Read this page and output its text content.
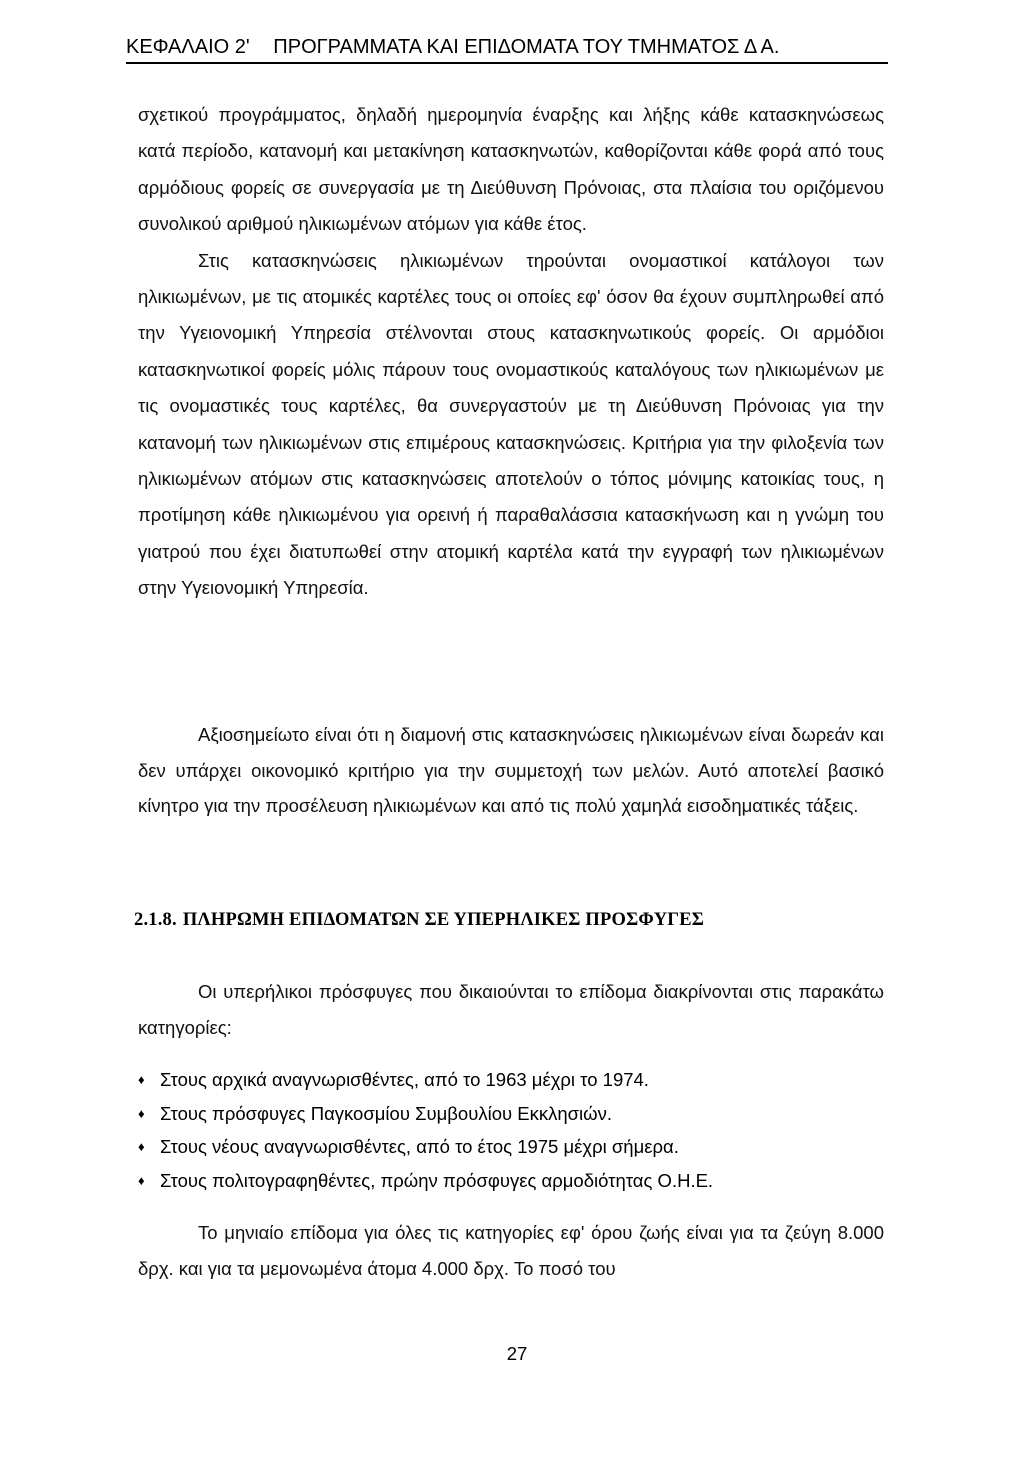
ΚΕΦΑΛΑΙΟ 2' ΠΡΟΓΡΑΜΜΑΤΑ ΚΑΙ ΕΠΙΔΟΜΑΤΑ ΤΟΥ ΤΜΗΜΑΤΟΣ Δ Α.

σχετικού προγράμματος, δηλαδή ημερομηνία έναρξης και λήξης κάθε κατασκηνώσεως κατά περίοδο, κατανομή και μετακίνηση κατασκηνωτών, καθορίζονται κάθε φορά από τους αρμόδιους φορείς σε συνεργασία με τη Διεύθυνση Πρόνοιας, στα πλαίσια του οριζόμενου συνολικού αριθμού ηλικιωμένων ατόμων για κάθε έτος.

Στις κατασκηνώσεις ηλικιωμένων τηρούνται ονομαστικοί κατάλογοι των ηλικιωμένων, με τις ατομικές καρτέλες τους οι οποίες εφ' όσον θα έχουν συμπληρωθεί από την Υγειονομική Υπηρεσία στέλνονται στους κατασκηνωτικούς φορείς. Οι αρμόδιοι κατασκηνωτικοί φορείς μόλις πάρουν τους ονομαστικούς καταλόγους των ηλικιωμένων με τις ονομαστικές τους καρτέλες, θα συνεργαστούν με τη Διεύθυνση Πρόνοιας για την κατανομή των ηλικιωμένων στις επιμέρους κατασκηνώσεις. Κριτήρια για την φιλοξενία των ηλικιωμένων ατόμων στις κατασκηνώσεις αποτελούν ο τόπος μόνιμης κατοικίας τους, η προτίμηση κάθε ηλικιωμένου για ορεινή ή παραθαλάσσια κατασκήνωση και η γνώμη του γιατρού που έχει διατυπωθεί στην ατομική καρτέλα κατά την εγγραφή των ηλικιωμένων στην Υγειονομική Υπηρεσία.

Αξιοσημείωτο είναι ότι η διαμονή στις κατασκηνώσεις ηλικιωμένων είναι δωρεάν και δεν υπάρχει οικονομικό κριτήριο για την συμμετοχή των μελών. Αυτό αποτελεί βασικό κίνητρο για την προσέλευση ηλικιωμένων και από τις πολύ χαμηλά εισοδηματικές τάξεις.

2.1.8. ΠΛΗΡΩΜΗ ΕΠΙΔΟΜΑΤΩΝ ΣΕ ΥΠΕΡΗΛΙΚΕΣ ΠΡΟΣΦΥΓΕΣ

Οι υπερήλικοι πρόσφυγες που δικαιούνται το επίδομα διακρίνονται στις παρακάτω κατηγορίες:

♦ Στους αρχικά αναγνωρισθέντες, από το 1963 μέχρι το 1974.
♦ Στους πρόσφυγες Παγκοσμίου Συμβουλίου Εκκλησιών.
♦ Στους νέους αναγνωρισθέντες, από το έτος 1975 μέχρι σήμερα.
♦ Στους πολιτογραφηθέντες, πρώην πρόσφυγες αρμοδιότητας Ο.Η.Ε.

Το μηνιαίο επίδομα για όλες τις κατηγορίες εφ' όρου ζωής είναι για τα ζεύγη 8.000 δρχ. και για τα μεμονωμένα άτομα 4.000 δρχ. Το ποσό του

27
